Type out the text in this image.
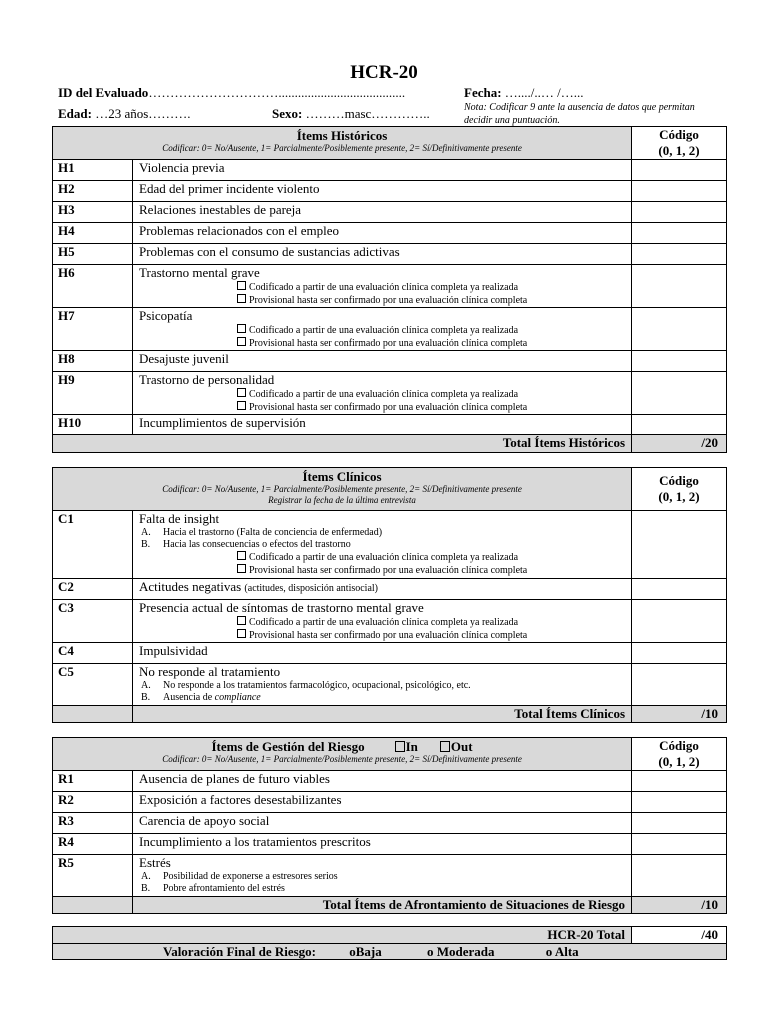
HCR-20
ID del Evaluado………………………….......................................	Fecha: …..../..… /…...
Edad: …23 años……….	Sexo: ………masc…………..	Nota: Codificar 9 ante la ausencia de datos que permitan decidir una puntuación.
Ítems Históricos
Codificar: 0= No/Ausente, 1= Parcialmente/Posiblemente presente, 2= Sí/Definitivamente presente		Código
(0, 1, 2)
H1	Violencia previa	
H2	Edad del primer incidente violento	
H3	Relaciones inestables de pareja	
H4	Problemas relacionados con el empleo	
H5	Problemas con el consumo de sustancias adictivas	
H6	Trastorno mental grave
Codificado a partir de una evaluación clínica completa ya realizada
Provisional hasta ser confirmado por una evaluación clínica completa	

H7	Psicopatía
Codificado a partir de una evaluación clínica completa ya realizada
Provisional hasta ser confirmado por una evaluación clínica completa	

H8	Desajuste juvenil	
H9	Trastorno de personalidad
Codificado a partir de una evaluación clínica completa ya realizada
Provisional hasta ser confirmado por una evaluación clínica completa	

H10	Incumplimientos de supervisión	
Total Ítems Históricos		/20
Ítems Clínicos
Codificar: 0= No/Ausente, 1= Parcialmente/Posiblemente presente, 2= Sí/Definitivamente presente
Registrar la fecha de la última entrevista		Código
(0, 1, 2)
C1	Falta de insight
A. Hacia el trastorno (Falta de conciencia de enfermedad)
B. Hacia las consecuencias o efectos del trastorno
Codificado a partir de una evaluación clínica completa ya realizada
Provisional hasta ser confirmado por una evaluación clínica completa	

C2	Actitudes negativas (actitudes, disposición antisocial)	
C3	Presencia actual de síntomas de trastorno mental grave
Codificado a partir de una evaluación clínica completa ya realizada
Provisional hasta ser confirmado por una evaluación clínica completa	

C4	Impulsividad	
C5	No responde al tratamiento
A. No responde a los tratamientos farmacológico, ocupacional, psicológico, etc.
B. Ausencia de compliance	

	Total Ítems Clínicos	/10
Ítems de Gestión del Riesgo In Out
Codificar: 0= No/Ausente, 1= Parcialmente/Posiblemente presente, 2= Sí/Definitivamente presente		Código
(0, 1, 2)
R1	Ausencia de planes de futuro viables	
R2	Exposición a factores desestabilizantes	
R3	Carencia de apoyo social	
R4	Incumplimiento a los tratamientos prescritos	
R5	Estrés
A. Posibilidad de exponerse a estresores serios
B. Pobre afrontamiento del estrés	

	Total Ítems de Afrontamiento de Situaciones de Riesgo	/10
HCR-20 Total	/40
Valoración Final de Riesgo:	oBaja	o Moderada	o Alta
